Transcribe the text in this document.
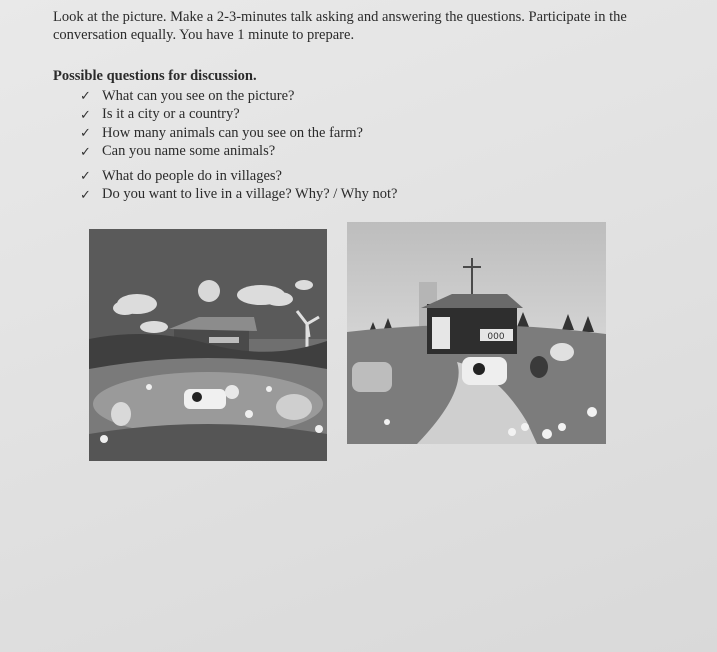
Look at the picture. Make a 2-3-minutes talk asking and answering the questions. Participate in the conversation equally. You have 1 minute to prepare.

Possible questions for discussion.

✓ What can you see on the picture?
✓ Is it a city or a country?
✓ How many animals can you see on the farm?
✓ Can you name some animals?
✓ What do people do in villages?
✓ Do you want to live in a village? Why? / Why not?
000
